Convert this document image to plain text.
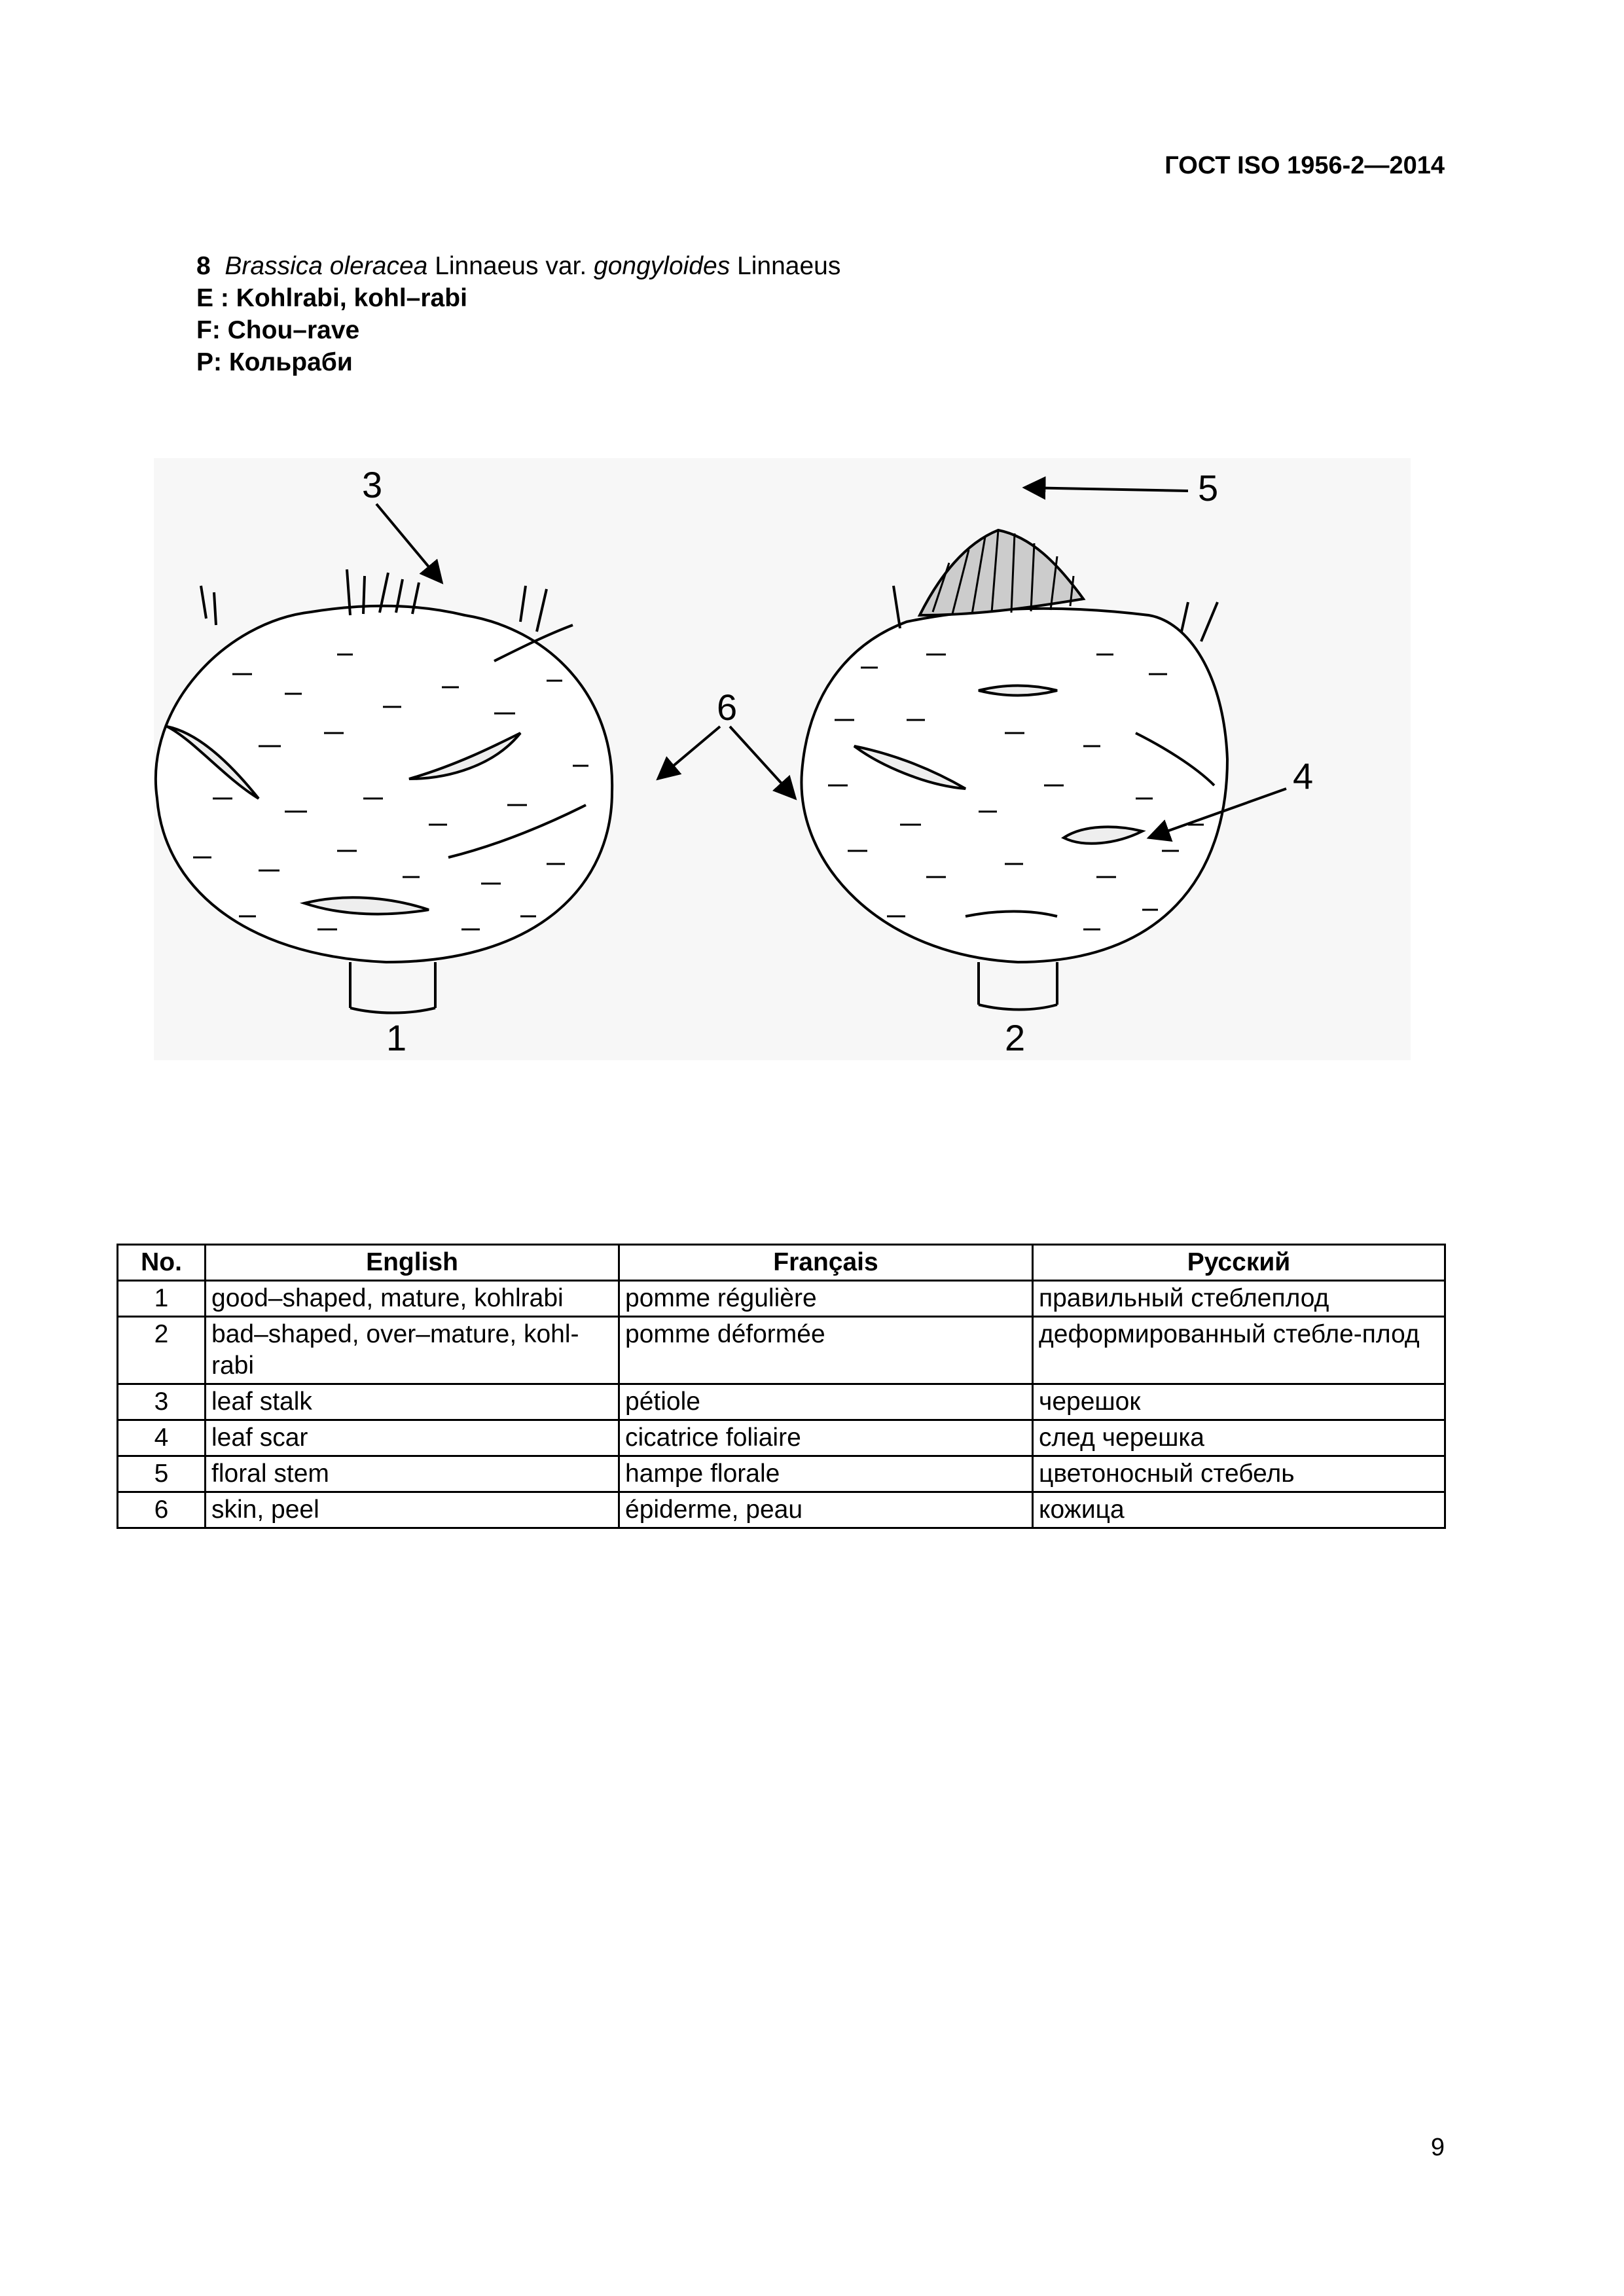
ГОСТ ISO 1956-2—2014
8 Brassica oleracea Linnaeus var. gongyloides Linnaeus
E : Kohlrabi, kohl–rabi
F: Chou–rave
P: Кольраби
3	5
4
6
1	2
No.	English	Français	Русский
1	good–shaped, mature, kohlrabi	pomme régulière	правильный стеблеплод
2	bad–shaped, over–mature, kohl-rabi	pomme déformée	деформированный стебле-плод
3	leaf stalk	pétiole	черешок
4	leaf scar	cicatrice foliaire	след черешка
5	floral stem	hampe florale	цветоносный стебель
6	skin, peel	épiderme, peau	кожица
9
